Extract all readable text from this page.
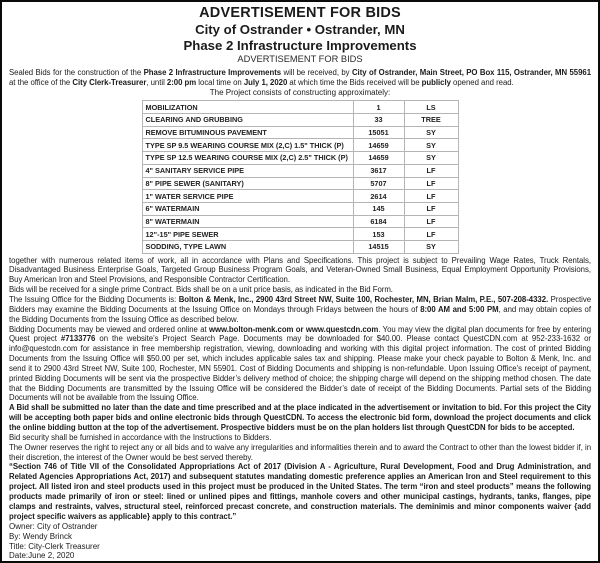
ADVERTISEMENT FOR BIDS
City of Ostrander • Ostrander, MN
Phase 2 Infrastructure Improvements
ADVERTISEMENT FOR BIDS

Sealed Bids for the construction of the Phase 2 Infrastructure Improvements will be received, by City of Ostrander, Main Street, PO Box 115, Ostrander, MN 55961 at the office of the City Clerk-Treasurer, until 2:00 pm local time on July 1, 2020 at which time the Bids received will be publicly opened and read.

The Project consists of constructing approximately:
MOBILIZATION	1	LS
CLEARING AND GRUBBING	33	TREE
REMOVE BITUMINOUS PAVEMENT	15051	SY
TYPE SP 9.5 WEARING COURSE MIX (2,C) 1.5" THICK (P)	14659	SY
TYPE SP 12.5 WEARING COURSE MIX (2,C) 2.5" THICK (P)	14659	SY
4" SANITARY SERVICE PIPE	3617	LF
8" PIPE SEWER (SANITARY)	5707	LF
1" WATER SERVICE PIPE	2614	LF
6" WATERMAIN	145	LF
8" WATERMAIN	6184	LF
12"-15" PIPE SEWER	153	LF
SODDING, TYPE LAWN	14515	SY

together with numerous related items of work, all in accordance with Plans and Specifications. This project is subject to Prevailing Wage Rates, Truck Rentals, Disadvantaged Business Enterprise Goals, Targeted Group Business Program Goals, and Veteran-Owned Small Business, Equal Employment Opportunity Provisions, Buy American Iron and Steel Provisions, and Responsible Contractor Certification.

Bids will be received for a single prime Contract. Bids shall be on a unit price basis, as indicated in the Bid Form.

The Issuing Office for the Bidding Documents is: Bolton & Menk, Inc., 2900 43rd Street NW, Suite 100, Rochester, MN, Brian Malm, P.E., 507-208-4332. Prospective Bidders may examine the Bidding Documents at the Issuing Office on Mondays through Fridays between the hours of 8:00 AM and 5:00 PM, and may obtain copies of the Bidding Documents from the Issuing Office as described below.

Bidding Documents may be viewed and ordered online at www.bolton-menk.com or www.questcdn.com. You may view the digital plan documents for free by entering Quest project #7133776 on the website’s Project Search Page. Documents may be downloaded for $40.00. Please contact QuestCDN.com at 952-233-1632 or info@questcdn.com for assistance in free membership registration, viewing, downloading and working with this digital project information. The cost of printed Bidding Documents from the Issuing Office will $50.00 per set, which includes applicable sales tax and shipping. Please make your check payable to Bolton & Menk, Inc. and send it to 2900 43rd Street NW, Suite 100, Rochester, MN 55901. Cost of Bidding Documents and shipping is non-refundable. Upon Issuing Office’s receipt of payment, printed Bidding Documents will be sent via the prospective Bidder’s delivery method of choice; the shipping charge will depend on the shipping method chosen. The date that the Bidding Documents are transmitted by the Issuing Office will be considered the Bidder’s date of receipt of the Bidding Documents. Partial sets of the Bidding Documents will not be available from the Issuing Office.

A Bid shall be submitted no later than the date and time prescribed and at the place indicated in the advertisement or invitation to bid. For this project the City will be accepting both paper bids and online electronic bids through QuestCDN. To access the electronic bid form, download the project documents and click the online bidding button at the top of the advertisement. Prospective bidders must be on the plan holders list through QuestCDN for bids to be accepted.

Bid security shall be furnished in accordance with the Instructions to Bidders.

The Owner reserves the right to reject any or all bids and to waive any irregularities and informalities therein and to award the Contract to other than the lowest bidder if, in their discretion, the interest of the Owner would be best served thereby.

“Section 746 of Title VII of the Consolidated Appropriations Act of 2017 (Division A - Agriculture, Rural Development, Food and Drug Administration, and Related Agencies Appropriations Act, 2017) and subsequent statutes mandating domestic preference applies an American Iron and Steel requirement to this project. All listed iron and steel products used in this project must be produced in the United States. The term “iron and steel products” means the following products made primarily of iron or steel: lined or unlined pipes and fittings, manhole covers and other municipal castings, hydrants, tanks, flanges, pipe clamps and restraints, valves, structural steel, reinforced precast concrete, and construction materials. The deminimis and minor components waiver {add project specific waivers as applicable} apply to this contract.”

Owner: City of Ostrander
By: Wendy Brinck
Title: City-Clerk Treasurer
Date:June 2, 2020
